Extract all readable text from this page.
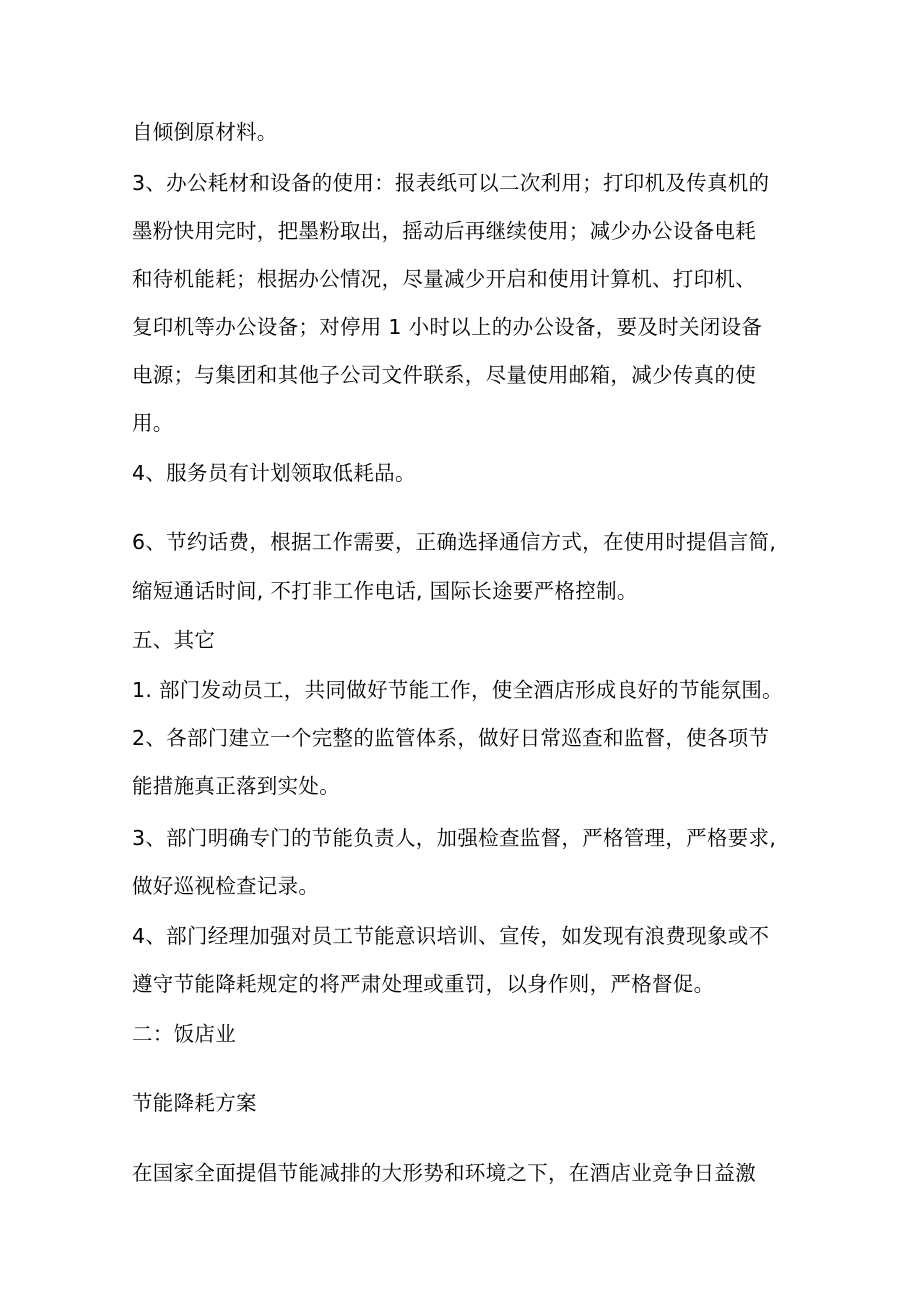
自倾倒原材料。
3、办公耗材和设备的使用：报表纸可以二次利用；打印机及传真机的
墨粉快用完时，把墨粉取出，摇动后再继续使用；减少办公设备电耗
和待机能耗；根据办公情况，尽量减少开启和使用计算机、打印机、
复印机等办公设备；对停用 1 小时以上的办公设备，要及时关闭设备
电源；与集团和其他子公司文件联系，尽量使用邮箱，减少传真的使
用。
4、服务员有计划领取低耗品。
6、节约话费，根据工作需要，正确选择通信方式，在使用时提倡言简,
缩短通话时间, 不打非工作电话, 国际长途要严格控制。
五、其它
1. 部门发动员工，共同做好节能工作，使全酒店形成良好的节能氛围。
2、各部门建立一个完整的监管体系，做好日常巡查和监督，使各项节
能措施真正落到实处。
3、部门明确专门的节能负责人，加强检查监督，严格管理，严格要求,
做好巡视检查记录。
4、部门经理加强对员工节能意识培训、宣传，如发现有浪费现象或不
遵守节能降耗规定的将严肃处理或重罚，以身作则，严格督促。
二：饭店业
节能降耗方案
在国家全面提倡节能减排的大形势和环境之下，在酒店业竞争日益激
